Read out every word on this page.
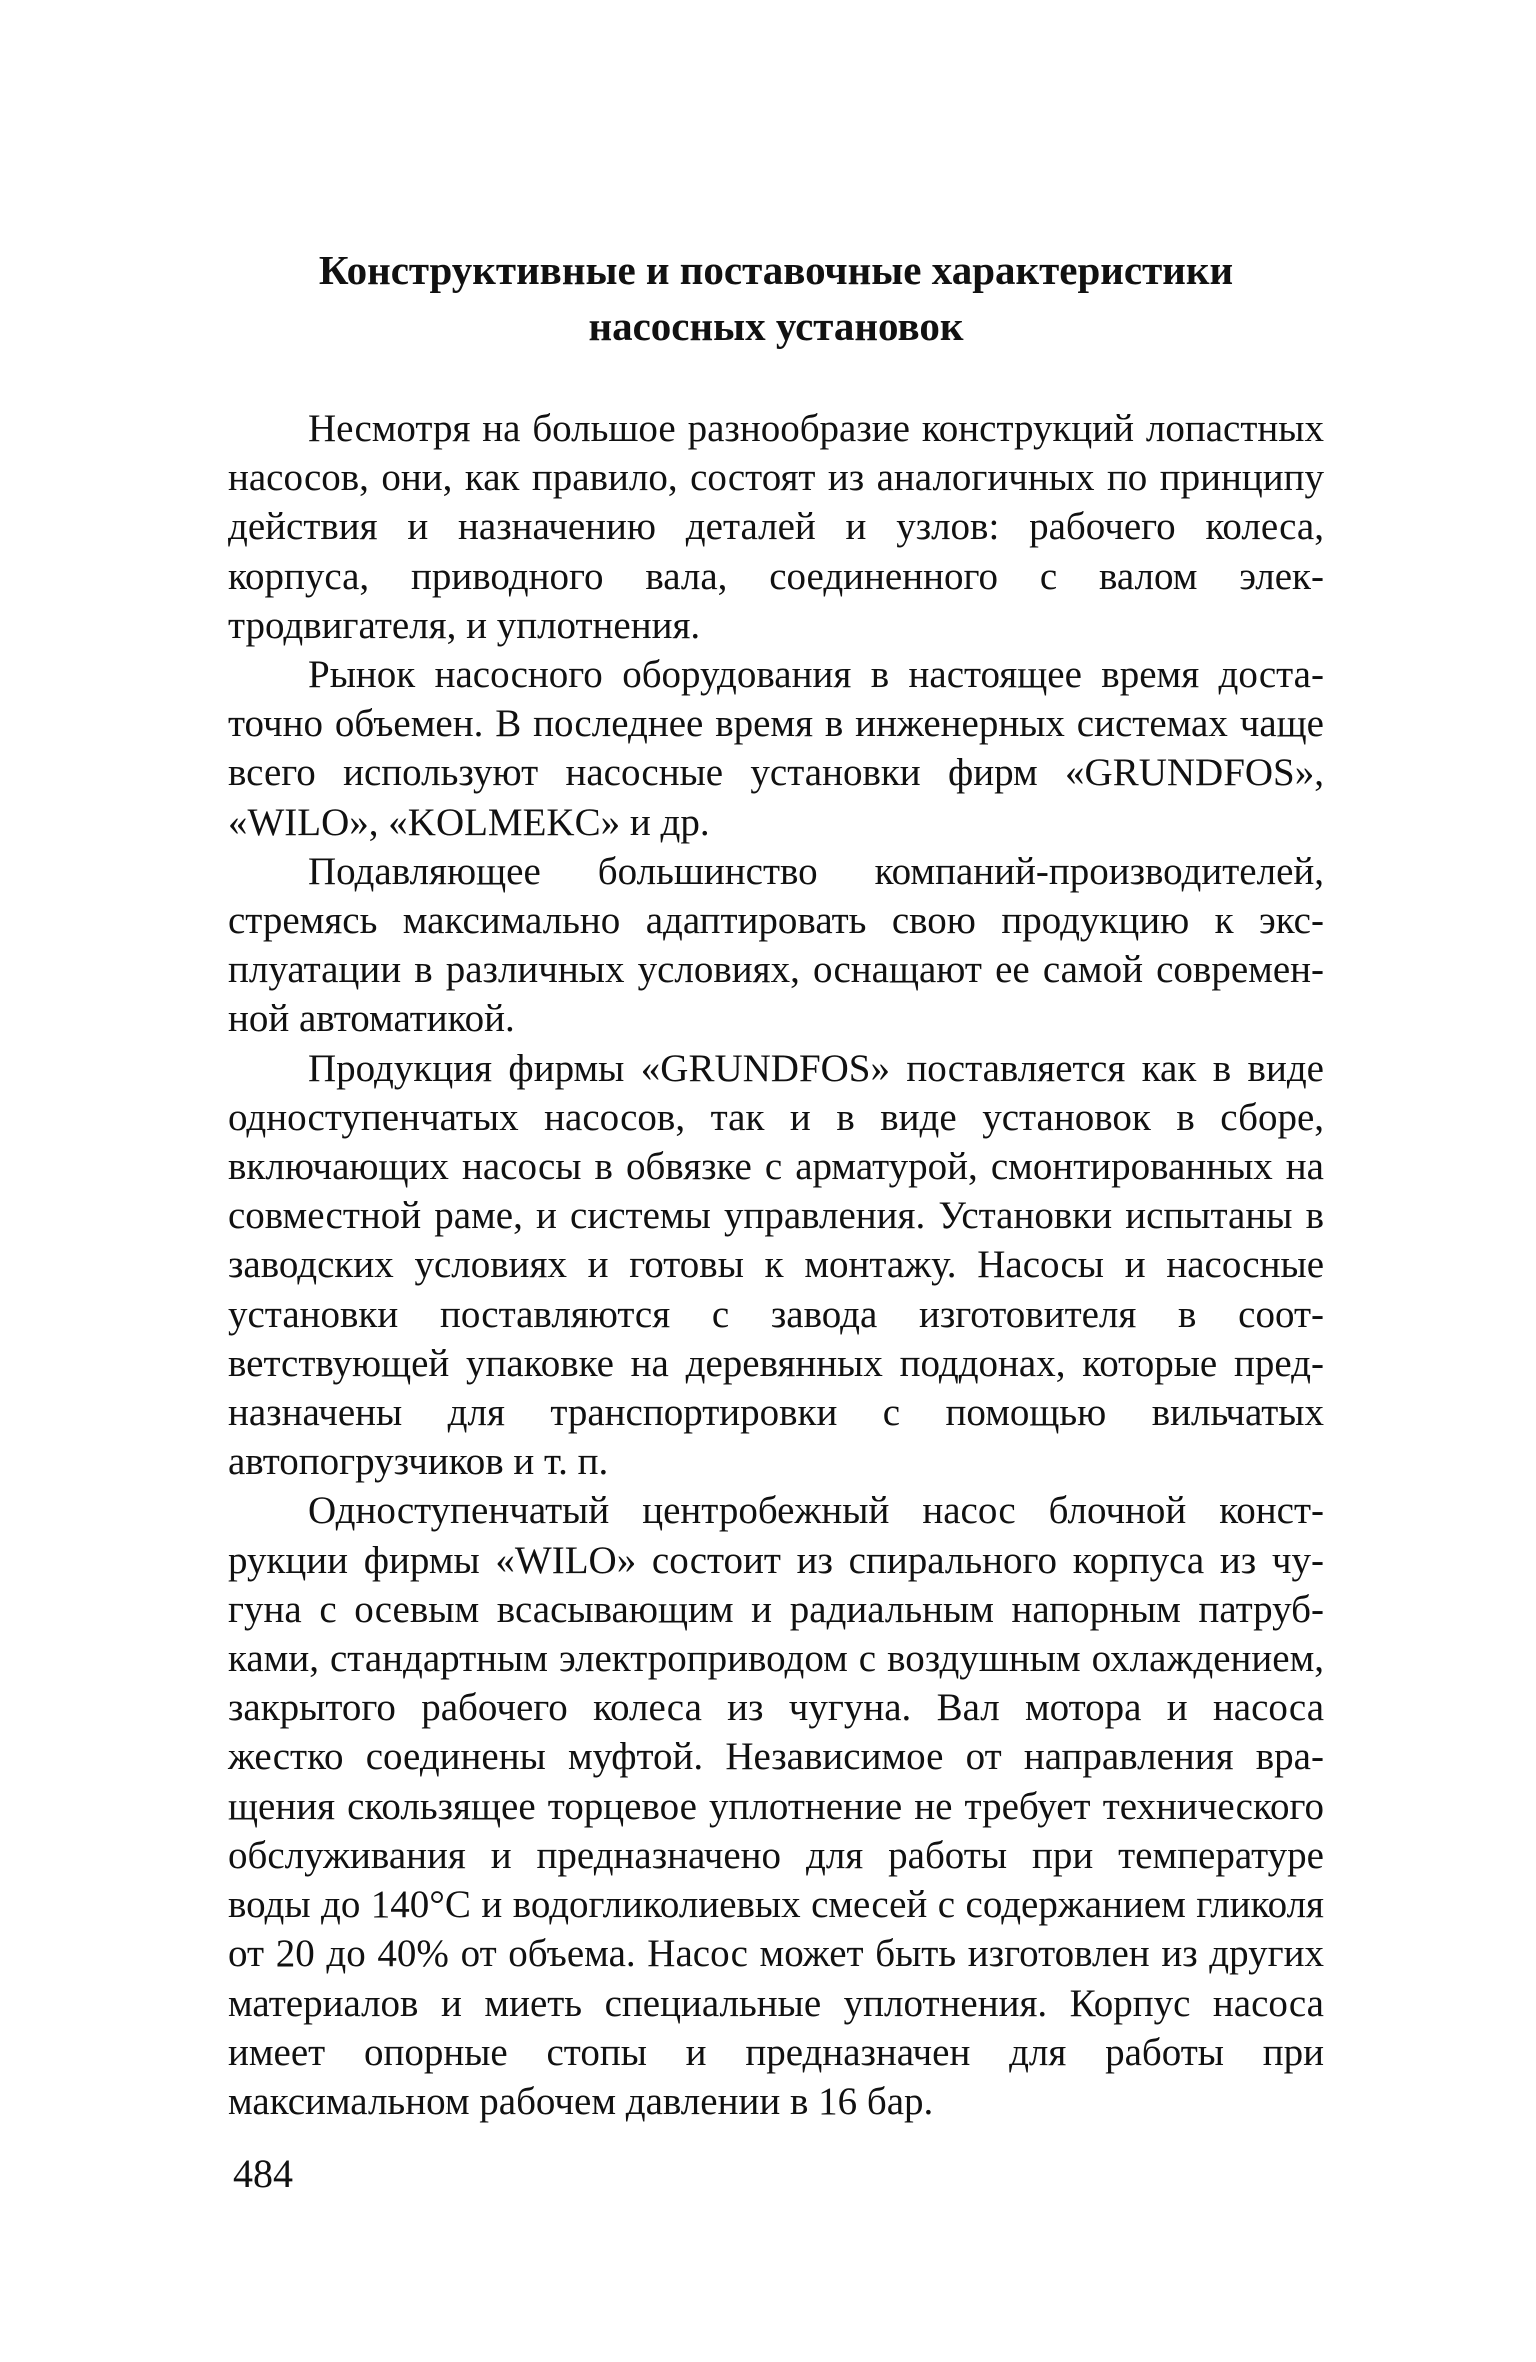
Конструктивные и поставочные характеристики
насосных установок

Несмотря на большое разнообразие конструкций лопастных насосов, они, как правило, состоят из аналогичных по принципу действия и назначению деталей и узлов: рабочего колеса, корпуса, приводного вала, соединенного с валом электродвигателя, и уплотнения.

Рынок насосного оборудования в настоящее время достаточно объемен. В последнее время в инженерных системах чаще всего используют насосные установки фирм «GRUNDFOS», «WILO», «KOLMEKC» и др.

Подавляющее большинство компаний-производителей, стремясь максимально адаптировать свою продукцию к эксплуатации в различных условиях, оснащают ее самой современной автоматикой.

Продукция фирмы «GRUNDFOS» поставляется как в виде одноступенчатых насосов, так и в виде установок в сборе, включающих насосы в обвязке с арматурой, смонтированных на совместной раме, и системы управления. Установки испытаны в заводских условиях и готовы к монтажу. Насосы и насосные установки поставляются с завода изготовителя в соответствующей упаковке на деревянных поддонах, которые предназначены для транспортировки с помощью вильчатых автопогрузчиков и т. п.

Одноступенчатый центробежный насос блочной конструкции фирмы «WILO» состоит из спирального корпуса из чугуна с осевым всасывающим и радиальным напорным патрубками, стандартным электроприводом с воздушным охлаждением, закрытого рабочего колеса из чугуна. Вал мотора и насоса жестко соединены муфтой. Независимое от направления вращения скользящее торцевое уплотнение не требует технического обслуживания и предназначено для работы при температуре воды до 140°С и водогликолиевых смесей с содержанием гликоля от 20 до 40% от объема. Насос может быть изготовлен из других материалов и миеть специальные уплотнения. Корпус насоса имеет опорные стопы и предназначен для работы при максимальном рабочем давлении в 16 бар.

484
